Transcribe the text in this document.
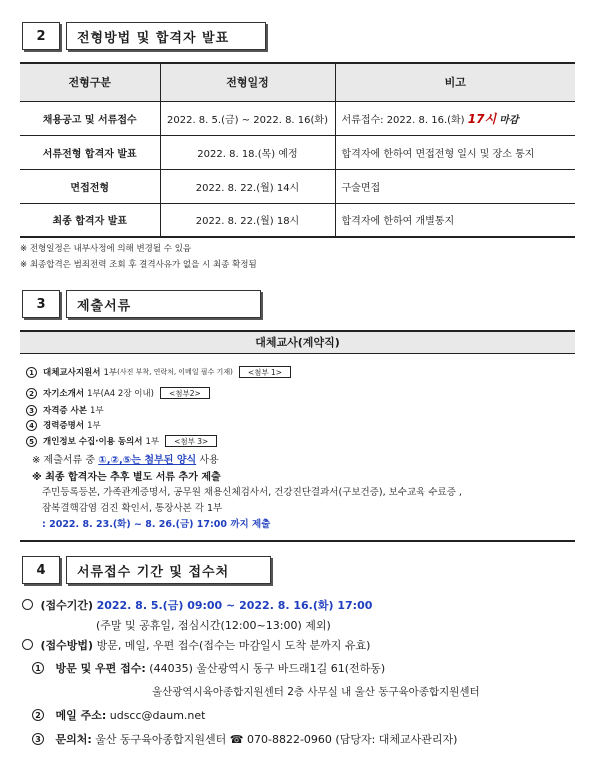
2	전형방법 및 합격자 발표
전형구분	전형일정	비고
채용공고 및 서류접수	2022. 8. 5.(금) ~ 2022. 8. 16(화)	서류접수: 2022. 8. 16.(화) 17시 마감
서류전형 합격자 발표	2022. 8. 18.(목) 예정	합격자에 한하여 면접전형 일시 및 장소 통지
면접전형	2022. 8. 22.(월) 14시	구술면접
최종 합격자 발표	2022. 8. 22.(월) 18시	합격자에 한하여 개별통지
※ 전형일정은 내부사정에 의해 변경될 수 있음
※ 최종합격은 범죄전력 조회 후 결격사유가 없을 시 최종 확정됨
3	제출서류
대체교사(계약직)
1	대체교사지원서 1부 (사진 부착, 연락처, 이메일 필수 기재)	<첨부 1>
2	자기소개서 1부(A4 2장 이내)	<첨부2>
3	자격증 사본 1부
4	경력증명서 1부
5	개인정보 수집·이용 동의서 1부	<첨부 3>
※ 제출서류 중 ①,②,⑤는 첨부된 양식 사용
※ 최종 합격자는 추후 별도 서류 추가 제출
주민등록등본, 가족관계증명서, 공무원 채용신체검사서, 건강진단결과서(구보건증), 보수교육 수료증 ,
잠복결핵감염 검진 확인서, 통장사본 각 1부
: 2022. 8. 23.(화) ~ 8. 26.(금) 17:00 까지 제출
4	서류접수 기간 및 접수처
(접수기간) 2022. 8. 5.(금) 09:00 ~ 2022. 8. 16.(화) 17:00
(주말 및 공휴일, 점심시간(12:00~13:00) 제외)
(접수방법) 방문, 메일, 우편 접수(접수는 마감일시 도착 분까지 유효)
1 방문 및 우편 접수: (44035) 울산광역시 동구 바드래1길 61(전하동)
울산광역시육아종합지원센터 2층 사무실 내 울산 동구육아종합지원센터
2 메일 주소: udscc@daum.net
3 문의처: 울산 동구육아종합지원센터 ☎ 070-8822-0960 (담당자: 대체교사관리자)
